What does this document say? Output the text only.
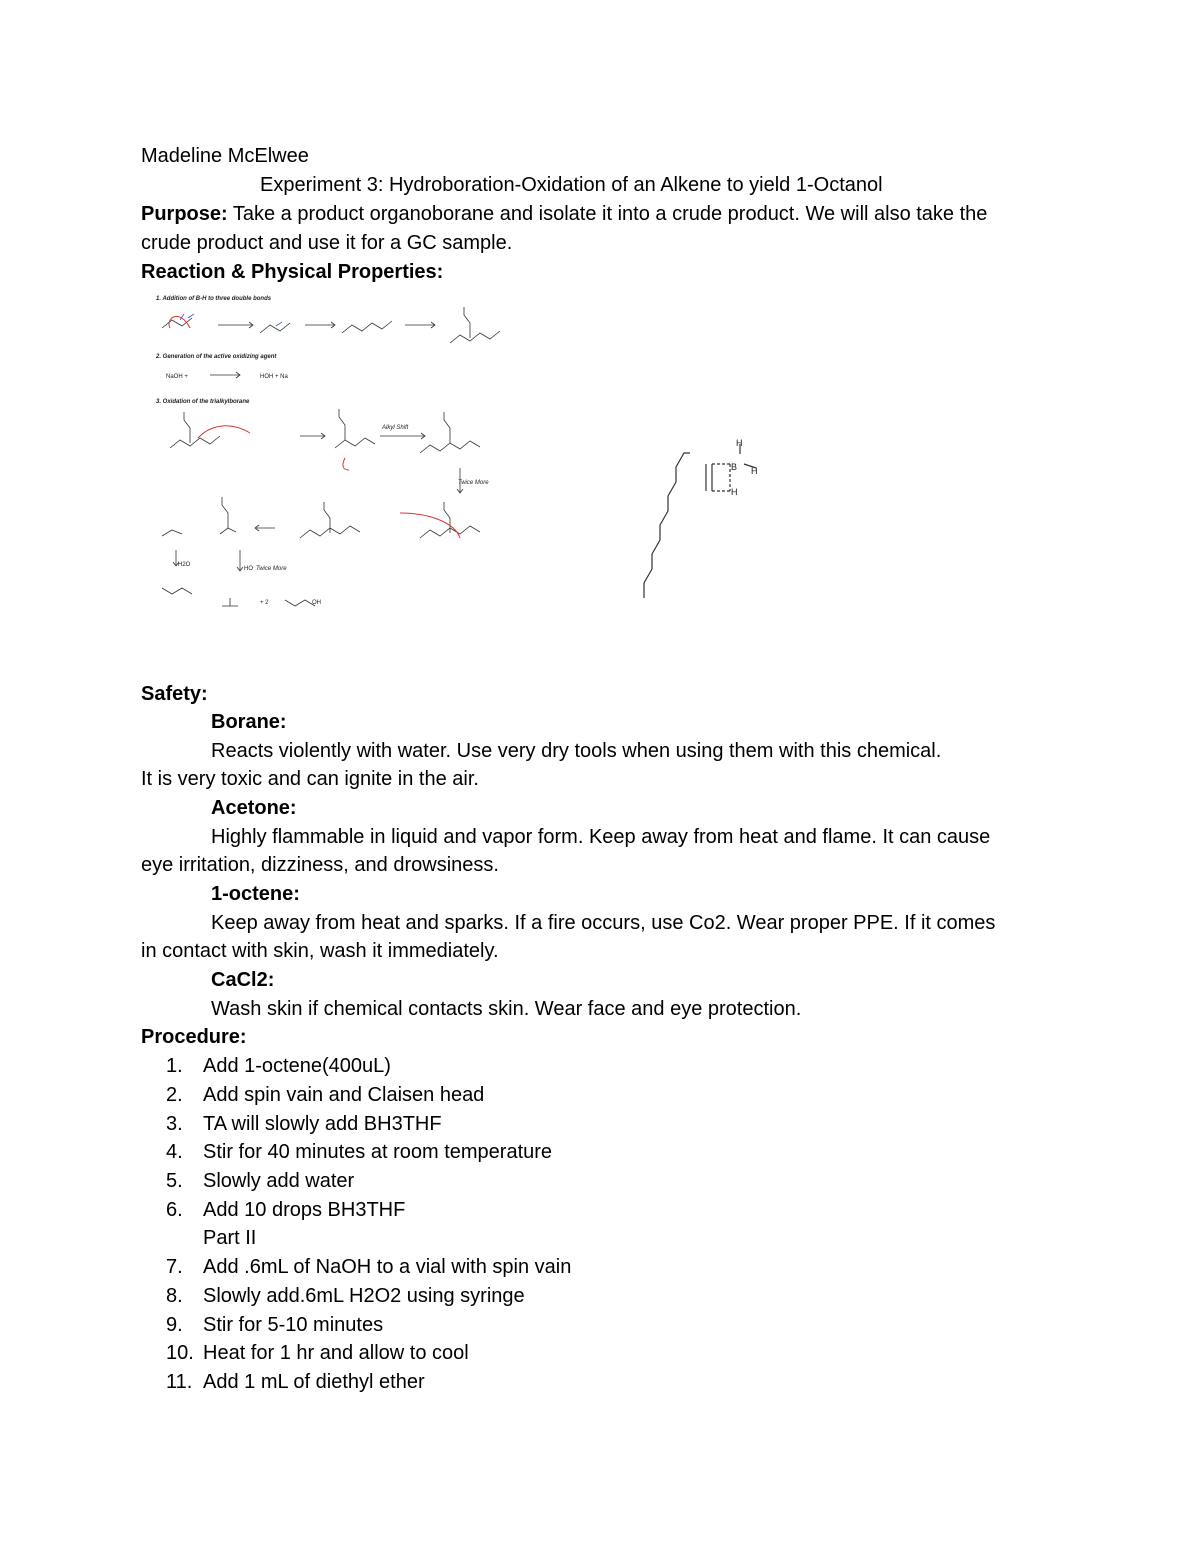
Madeline McElwee
Experiment 3: Hydroboration-Oxidation of an Alkene to yield 1-Octanol
Purpose: Take a product organoborane and isolate it into a crude product. We will also take the
crude product and use it for a GC sample.
Reaction & Physical Properties:
1. Addition of B-H to three double bonds
2. Generation of the active oxidizing agent
3. Oxidation of the trialkylborane
Alkyl Shift
Twice More
Twice More
NaOH +	HOH + Na
H2O
HO
+ 2	OH
H
B H
H
Safety:
Borane:
Reacts violently with water. Use very dry tools when using them with this chemical.
It is very toxic and can ignite in the air.
Acetone:
Highly flammable in liquid and vapor form. Keep away from heat and flame. It can cause
eye irritation, dizziness, and drowsiness.
1-octene:
Keep away from heat and sparks. If a fire occurs, use Co2. Wear proper PPE. If it comes
in contact with skin, wash it immediately.
CaCl2:
Wash skin if chemical contacts skin. Wear face and eye protection.
Procedure:
1.	Add 1-octene(400uL)
2.	Add spin vain and Claisen head
3.	TA will slowly add BH3THF
4.	Stir for 40 minutes at room temperature
5.	Slowly add water
6.	Add 10 drops BH3THF
Part II
7.	Add .6mL of NaOH to a vial with spin vain
8.	Slowly add.6mL H2O2 using syringe
9.	Stir for 5-10 minutes
10. Heat for 1 hr and allow to cool
11. Add 1 mL of diethyl ether
